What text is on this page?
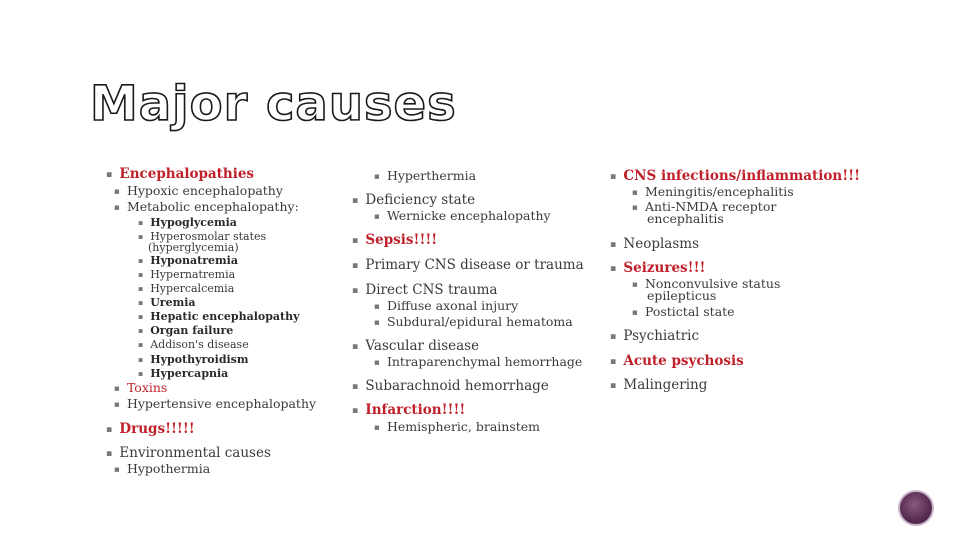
Major causes
▪ Encephalopathies
▪ Hypoxic encephalopathy
▪ Metabolic encephalopathy:
▪ Hypoglycemia
▪ Hyperosmolar states
(hyperglycemia)
▪ Hyponatremia
▪ Hypernatremia
▪ Hypercalcemia
▪ Uremia
▪ Hepatic encephalopathy
▪ Organ failure
▪ Addison's disease
▪ Hypothyroidism
▪ Hypercapnia
▪ Toxins
▪ Hypertensive encephalopathy
▪ Drugs!!!!!
▪ Environmental causes
▪ Hypothermia
▪ Hyperthermia
▪ Deficiency state
▪ Wernicke encephalopathy
▪ Sepsis!!!!
▪ Primary CNS disease or trauma
▪ Direct CNS trauma
▪ Diffuse axonal injury
▪ Subdural/epidural hematoma
▪ Vascular disease
▪ Intraparenchymal hemorrhage
▪ Subarachnoid hemorrhage
▪ Infarction!!!!
▪ Hemispheric, brainstem
▪ CNS infections/inflammation!!!
▪ Meningitis/encephalitis
▪ Anti-NMDA receptor
encephalitis
▪ Neoplasms
▪ Seizures!!!
▪ Nonconvulsive status
epilepticus
▪ Postictal state
▪ Psychiatric
▪ Acute psychosis
▪ Malingering
